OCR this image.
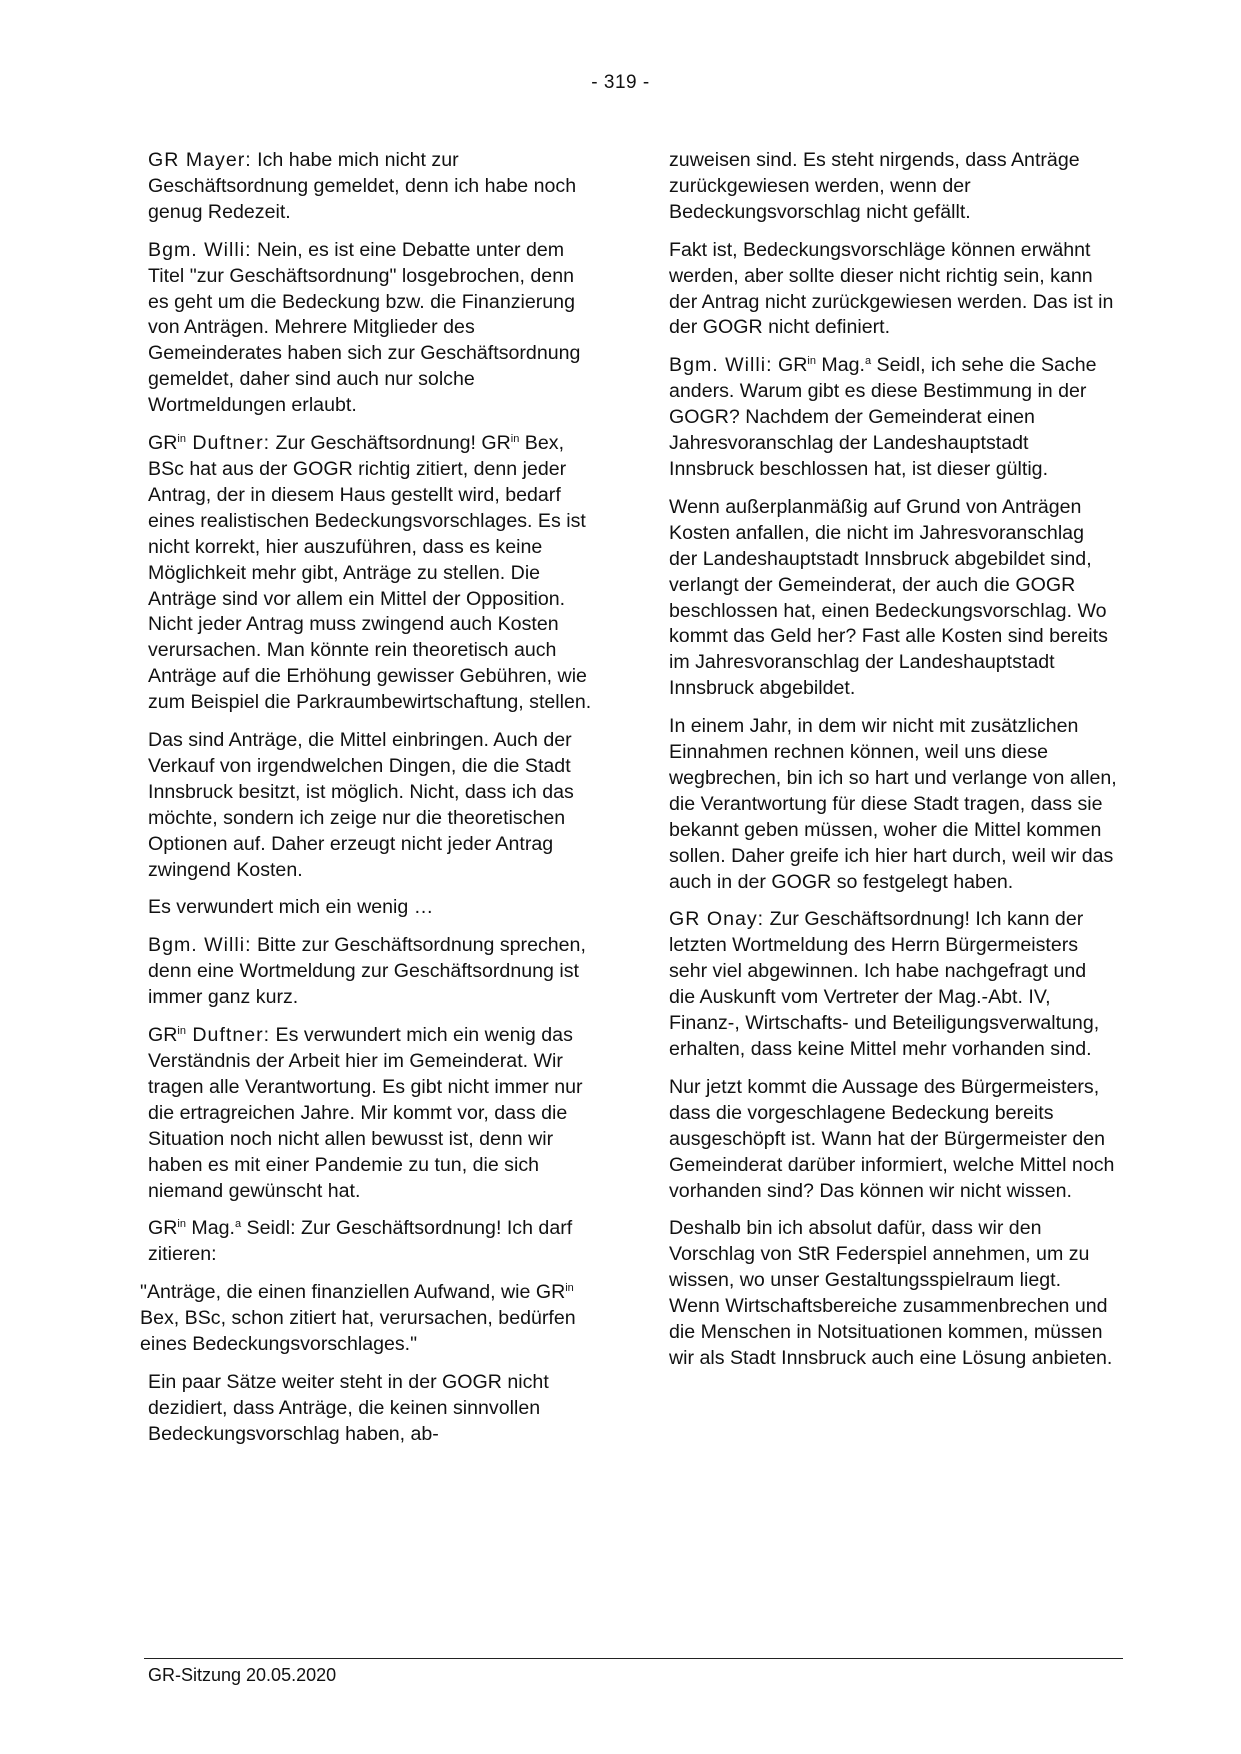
- 319 -

GR Mayer: Ich habe mich nicht zur Geschäftsordnung gemeldet, denn ich habe noch genug Redezeit.

Bgm. Willi: Nein, es ist eine Debatte unter dem Titel "zur Geschäftsordnung" losgebrochen, denn es geht um die Bedeckung bzw. die Finanzierung von Anträgen. Mehrere Mitglieder des Gemeinderates haben sich zur Geschäftsordnung gemeldet, daher sind auch nur solche Wortmeldungen erlaubt.

$GR^{in}$ Duftner: Zur Geschäftsordnung! $GR^{in}$ Bex, BSc hat aus der GOGR richtig zitiert, denn jeder Antrag, der in diesem Haus gestellt wird, bedarf eines realistischen Bedeckungsvorschlages. Es ist nicht korrekt, hier auszuführen, dass es keine Möglichkeit mehr gibt, Anträge zu stellen. Die Anträge sind vor allem ein Mittel der Opposition. Nicht jeder Antrag muss zwingend auch Kosten verursachen. Man könnte rein theoretisch auch Anträge auf die Erhöhung gewisser Gebühren, wie zum Beispiel die Parkraumbewirtschaftung, stellen.

Das sind Anträge, die Mittel einbringen. Auch der Verkauf von irgendwelchen Dingen, die die Stadt Innsbruck besitzt, ist möglich. Nicht, dass ich das möchte, sondern ich zeige nur die theoretischen Optionen auf. Daher erzeugt nicht jeder Antrag zwingend Kosten.

Es verwundert mich ein wenig …

Bgm. Willi: Bitte zur Geschäftsordnung sprechen, denn eine Wortmeldung zur Geschäftsordnung ist immer ganz kurz.

$GR^{in}$ Duftner: Es verwundert mich ein wenig das Verständnis der Arbeit hier im Gemeinderat. Wir tragen alle Verantwortung. Es gibt nicht immer nur die ertragreichen Jahre. Mir kommt vor, dass die Situation noch nicht allen bewusst ist, denn wir haben es mit einer Pandemie zu tun, die sich niemand gewünscht hat.

$GR^{in}$ Mag.$^a$ Seidl: Zur Geschäftsordnung! Ich darf zitieren:

"Anträge, die einen finanziellen Aufwand, wie $GR^{in}$ Bex, BSc, schon zitiert hat, verursachen, bedürfen eines Bedeckungsvorschlages."

Ein paar Sätze weiter steht in der GOGR nicht dezidiert, dass Anträge, die keinen sinnvollen Bedeckungsvorschlag haben, ab-

zuweisen sind. Es steht nirgends, dass Anträge zurückgewiesen werden, wenn der Bedeckungsvorschlag nicht gefällt.

Fakt ist, Bedeckungsvorschläge können erwähnt werden, aber sollte dieser nicht richtig sein, kann der Antrag nicht zurückgewiesen werden. Das ist in der GOGR nicht definiert.

Bgm. Willi: $GR^{in}$ Mag.$^a$ Seidl, ich sehe die Sache anders. Warum gibt es diese Bestimmung in der GOGR? Nachdem der Gemeinderat einen Jahresvoranschlag der Landeshauptstadt Innsbruck beschlossen hat, ist dieser gültig.

Wenn außerplanmäßig auf Grund von Anträgen Kosten anfallen, die nicht im Jahresvoranschlag der Landeshauptstadt Innsbruck abgebildet sind, verlangt der Gemeinderat, der auch die GOGR beschlossen hat, einen Bedeckungsvorschlag. Wo kommt das Geld her? Fast alle Kosten sind bereits im Jahresvoranschlag der Landeshauptstadt Innsbruck abgebildet.

In einem Jahr, in dem wir nicht mit zusätzlichen Einnahmen rechnen können, weil uns diese wegbrechen, bin ich so hart und verlange von allen, die Verantwortung für diese Stadt tragen, dass sie bekannt geben müssen, woher die Mittel kommen sollen. Daher greife ich hier hart durch, weil wir das auch in der GOGR so festgelegt haben.

GR Onay: Zur Geschäftsordnung! Ich kann der letzten Wortmeldung des Herrn Bürgermeisters sehr viel abgewinnen. Ich habe nachgefragt und die Auskunft vom Vertreter der Mag.-Abt. IV, Finanz-, Wirtschafts- und Beteiligungsverwaltung, erhalten, dass keine Mittel mehr vorhanden sind.

Nur jetzt kommt die Aussage des Bürgermeisters, dass die vorgeschlagene Bedeckung bereits ausgeschöpft ist. Wann hat der Bürgermeister den Gemeinderat darüber informiert, welche Mittel noch vorhanden sind? Das können wir nicht wissen.

Deshalb bin ich absolut dafür, dass wir den Vorschlag von StR Federspiel annehmen, um zu wissen, wo unser Gestaltungsspielraum liegt. Wenn Wirtschaftsbereiche zusammenbrechen und die Menschen in Notsituationen kommen, müssen wir als Stadt Innsbruck auch eine Lösung anbieten.

GR-Sitzung 20.05.2020
